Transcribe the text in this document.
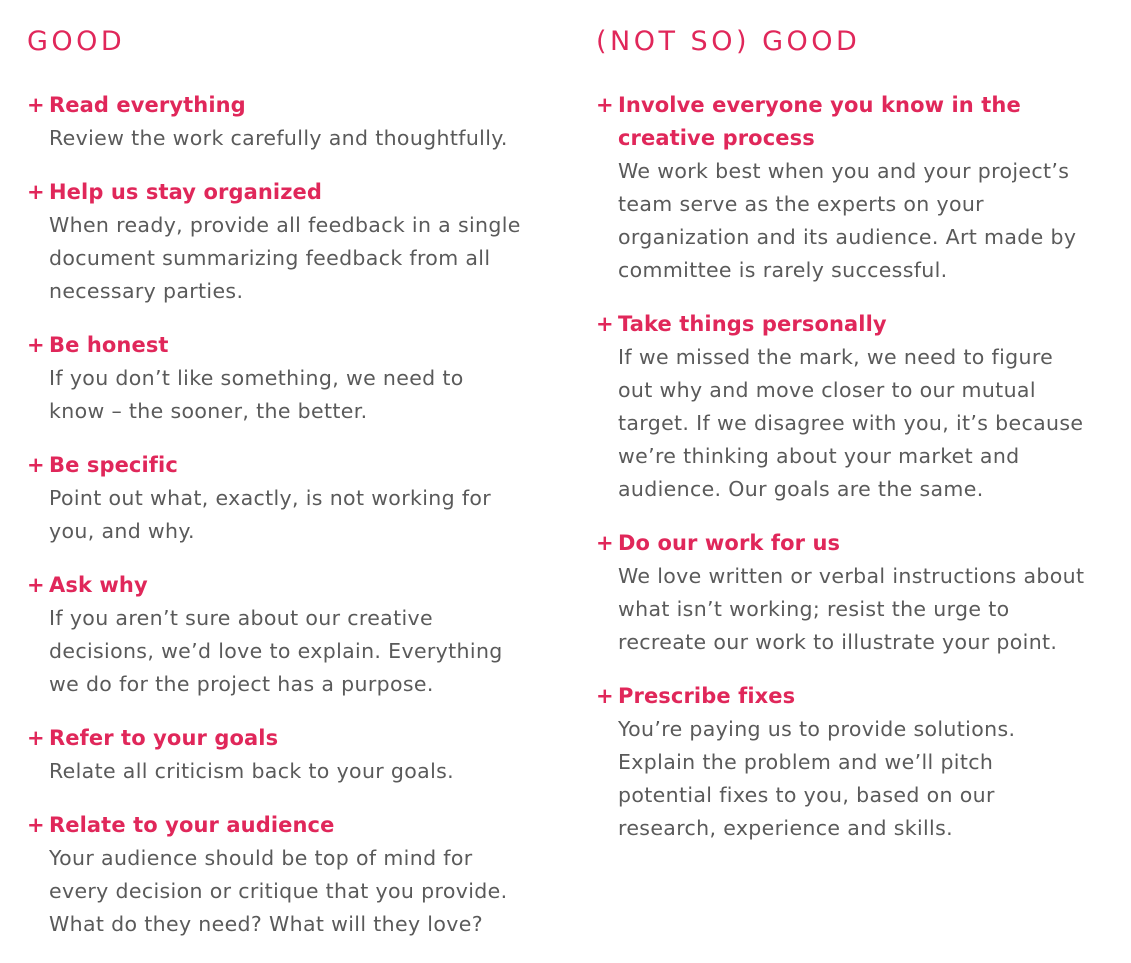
GOOD
+ Read everything
Review the work carefully and thoughtfully.
+ Help us stay organized
When ready, provide all feedback in a single
document summarizing feedback from all
necessary parties.
+ Be honest
If you don’t like something, we need to
know – the sooner, the better.
+ Be specific
Point out what, exactly, is not working for
you, and why.
+ Ask why
If you aren’t sure about our creative
decisions, we’d love to explain. Everything
we do for the project has a purpose.
+ Refer to your goals
Relate all criticism back to your goals.
+ Relate to your audience
Your audience should be top of mind for
every decision or critique that you provide.
What do they need? What will they love?
(NOT SO) GOOD
+ Involve everyone you know in the
creative process
We work best when you and your project’s
team serve as the experts on your
organization and its audience. Art made by
committee is rarely successful.
+ Take things personally
If we missed the mark, we need to figure
out why and move closer to our mutual
target. If we disagree with you, it’s because
we’re thinking about your market and
audience. Our goals are the same.
+ Do our work for us
We love written or verbal instructions about
what isn’t working; resist the urge to
recreate our work to illustrate your point.
+ Prescribe fixes
You’re paying us to provide solutions.
Explain the problem and we’ll pitch
potential fixes to you, based on our
research, experience and skills.
